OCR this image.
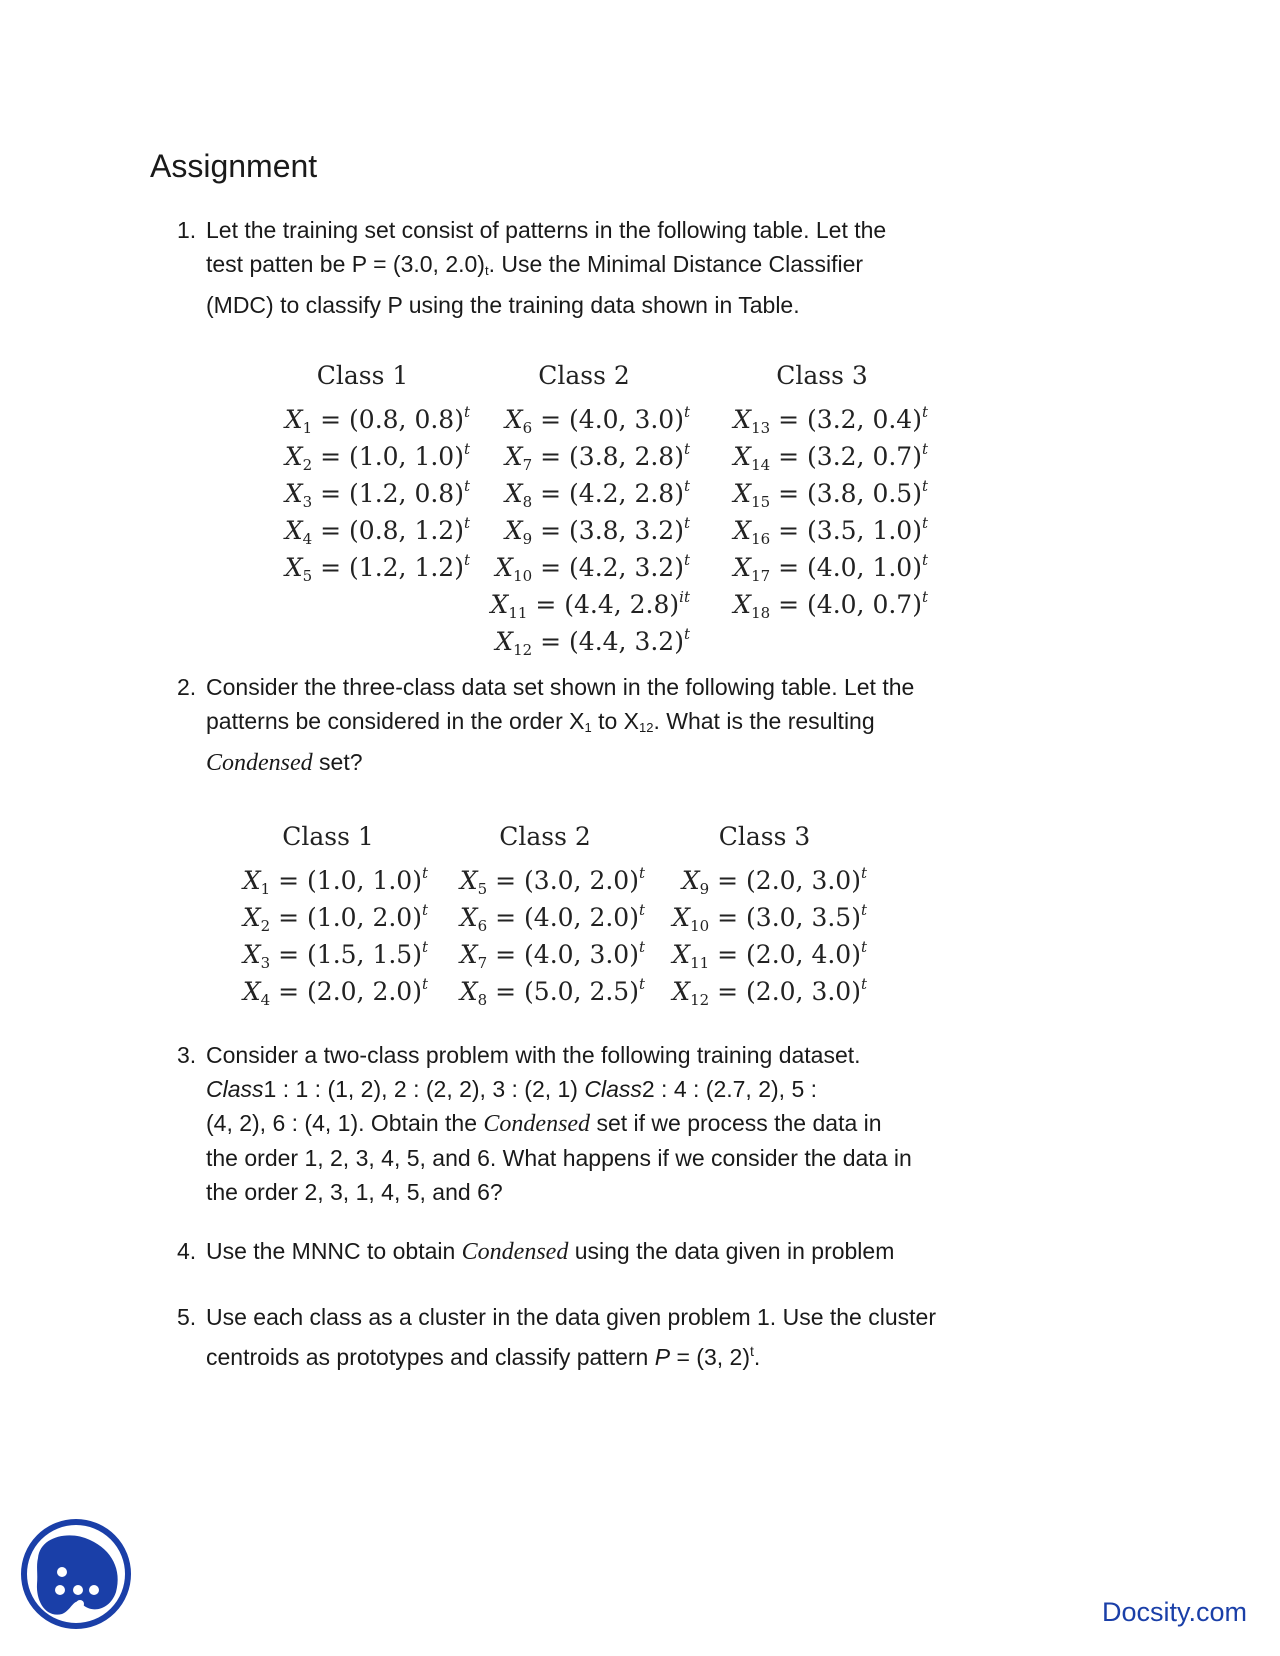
Assignment
1. Let the training set consist of patterns in the following table. Let the
test patten be P = (3.0, $2.0)_t$. Use the Minimal Distance Classifier
(MDC) to classify P using the training data shown in Table.
Class 1
$X_1 = (0.8$, 0.8)$^t$
$X_2 = (1.0$, 1.0)$^t$
$X_3 = (1.2$, 0.8)$^t$
$X_4 = (0.8$, 1.2)$^t$
$X_5 = (1.2$, 1.2)$^t$
Class 2
$X_6 = (4.0$, 3.0)$^t$
$X_7 = (3.8$, 2.8)$^t$
$X_8 = (4.2$, 2.8)$^t$
$X_9 = (3.8$, 3.2)$^t$
$X_{10} = (4.2$, 3.2)$^t$
$X_{11} = (4.4$, 2.8)$^{it}$
$X_{12} = (4.4$, 3.2)$^t$
Class 3
$X_{13} = (3.2$, 0.4)$^t$
$X_{14} = (3.2$, 0.7)$^t$
$X_{15} = (3.8$, 0.5)$^t$
$X_{16} = (3.5$, 1.0)$^t$
$X_{17} = (4.0$, 1.0)$^t$
$X_{18} = (4.0$, 0.7)$^t$
2. Consider the three-class data set shown in the following table. Let the
patterns be considered in the order $X_1$ to $X_{12}$. What is the resulting
Condensed set?
Class 1
$X_1 = (1.0$, 1.0)$^t$
$X_2 = (1.0$, 2.0)$^t$
$X_3 = (1.5$, 1.5)$^t$
$X_4 = (2.0$, 2.0)$^t$
Class 2
$X_5 = (3.0$, 2.0)$^t$
$X_6 = (4.0$, 2.0)$^t$
$X_7 = (4.0$, 3.0)$^t$
$X_8 = (5.0$, 2.5)$^t$
Class 3
$X_9 = (2.0$, 3.0)$^t$
$X_{10} = (3.0$, 3.5)$^t$
$X_{11} = (2.0$, 4.0)$^t$
$X_{12} = (2.0$, 3.0)$^t$
3. Consider a two-class problem with the following training dataset.
Class1 : 1 : (1, 2), 2 : (2, 2), 3 : (2, 1) Class2 : 4 : (2.7, 2), 5 :
(4, 2), 6 : (4, 1). Obtain the Condensed set if we process the data in
the order 1, 2, 3, 4, 5, and 6. What happens if we consider the data in
the order 2, 3, 1, 4, 5, and 6?
4. Use the MNNC to obtain Condensed using the data given in problem
5. Use each class as a cluster in the data given problem 1. Use the cluster
centroids as prototypes and classify pattern P = (3, 2)$^t$.
Docsity.com
